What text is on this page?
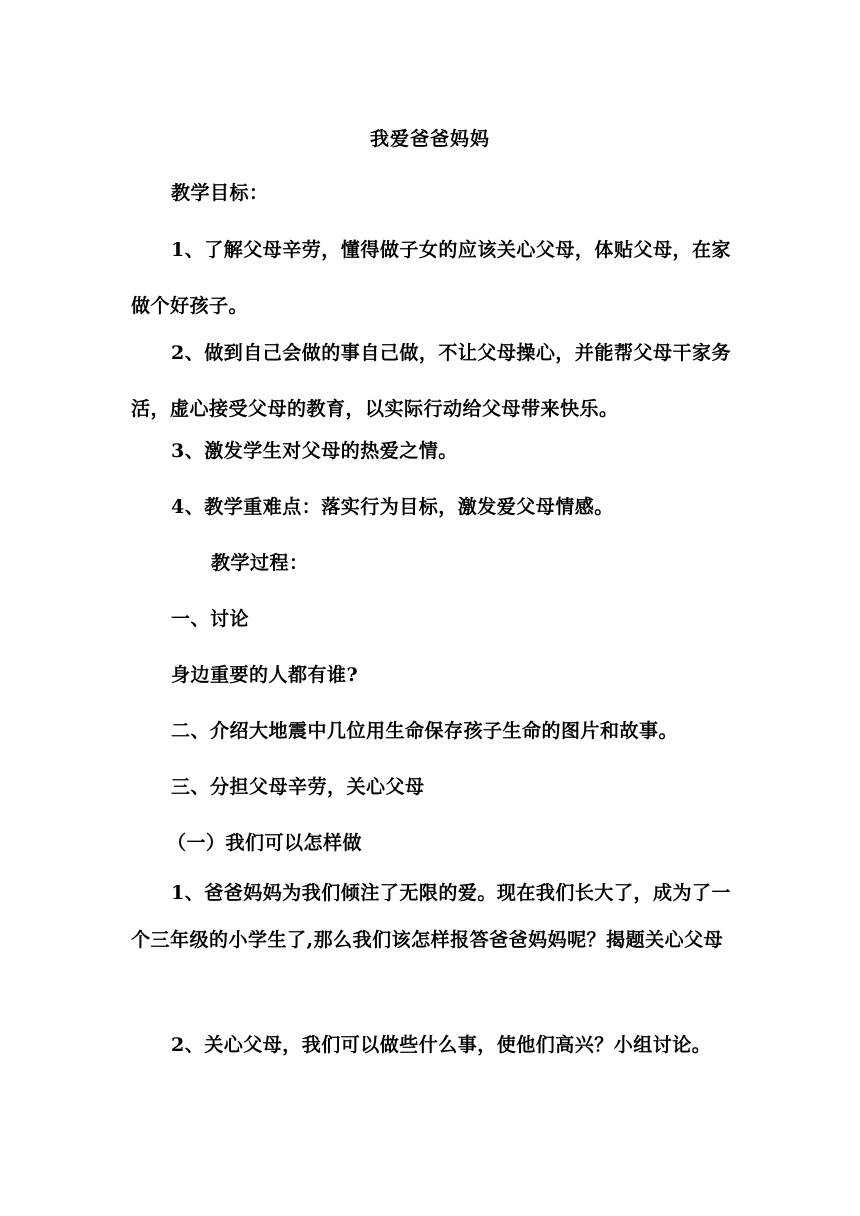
我爱爸爸妈妈
教学目标：
1、了解父母辛劳，懂得做子女的应该关心父母，体贴父母，在家做个好孩子。
2、做到自己会做的事自己做，不让父母操心，并能帮父母干家务活，虚心接受父母的教育，以实际行动给父母带来快乐。
3、激发学生对父母的热爱之情。
4、教学重难点：落实行为目标，激发爱父母情感。
教学过程：
一、讨论
身边重要的人都有谁?
二、介绍大地震中几位用生命保存孩子生命的图片和故事。
三、分担父母辛劳，关心父母
（一）我们可以怎样做
1、爸爸妈妈为我们倾注了无限的爱。现在我们长大了，成为了一个三年级的小学生了,那么我们该怎样报答爸爸妈妈呢？揭题关心父母
2、关心父母，我们可以做些什么事，使他们高兴？小组讨论。
